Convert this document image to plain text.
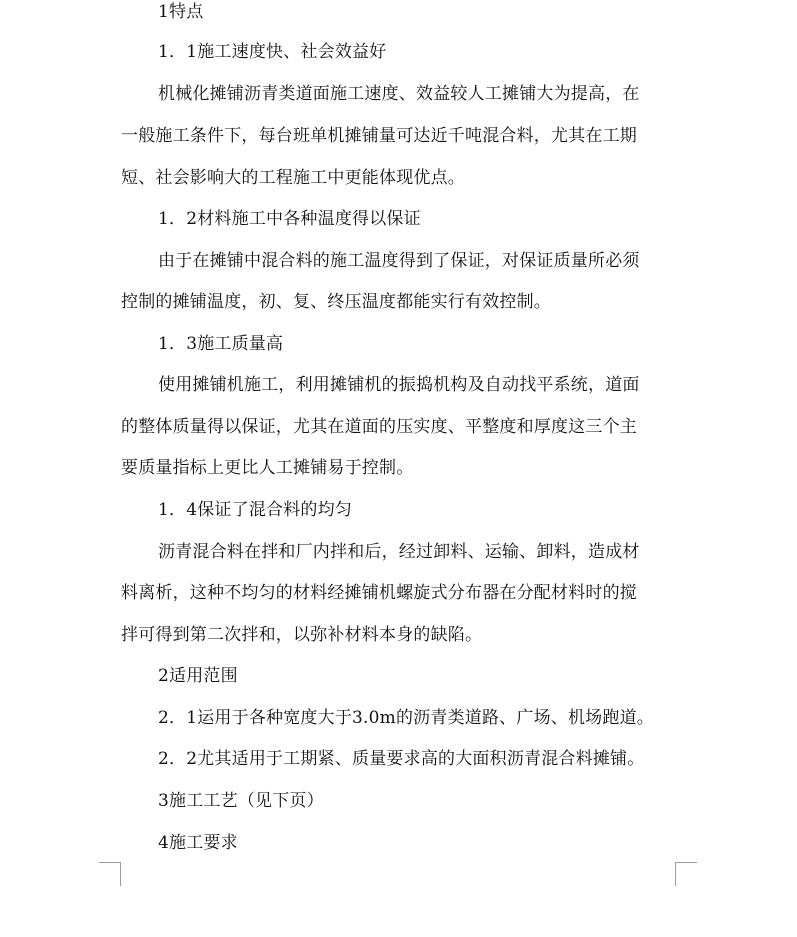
1特点
1．1施工速度快、社会效益好
机械化摊铺沥青类道面施工速度、效益较人工摊铺大为提高，在
一般施工条件下，每台班单机摊铺量可达近千吨混合料，尤其在工期
短、社会影响大的工程施工中更能体现优点。
1．2材料施工中各种温度得以保证
由于在摊铺中混合料的施工温度得到了保证，对保证质量所必须
控制的摊铺温度，初、复、终压温度都能实行有效控制。
1．3施工质量高
使用摊铺机施工，利用摊铺机的振捣机构及自动找平系统，道面
的整体质量得以保证，尤其在道面的压实度、平整度和厚度这三个主
要质量指标上更比人工摊铺易于控制。
1．4保证了混合料的均匀
沥青混合料在拌和厂内拌和后，经过卸料、运输、卸料，造成材
料离析，这种不均匀的材料经摊铺机螺旋式分布器在分配材料时的搅
拌可得到第二次拌和，以弥补材料本身的缺陷。
2适用范围
2．1运用于各种宽度大于3.0m的沥青类道路、广场、机场跑道。
2．2尤其适用于工期紧、质量要求高的大面积沥青混合料摊铺。
3施工工艺（见下页）
4施工要求
